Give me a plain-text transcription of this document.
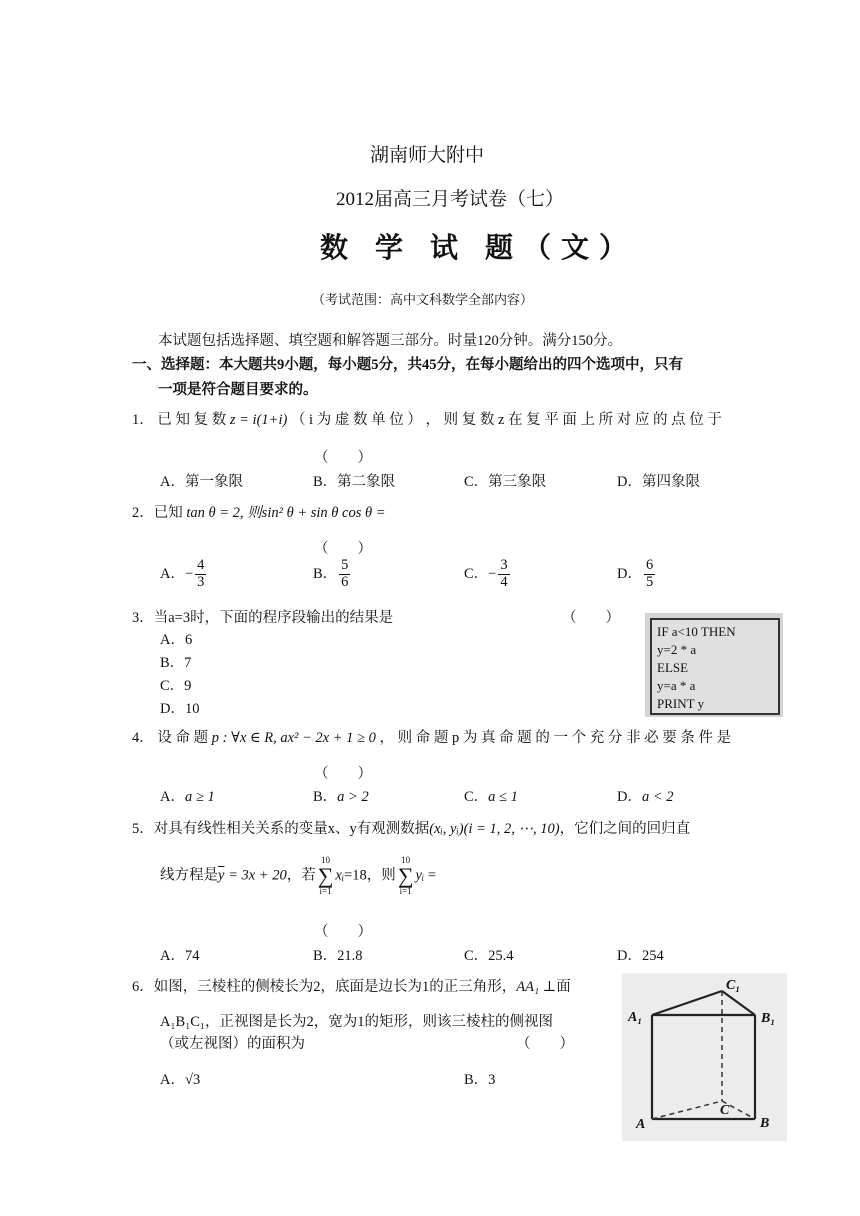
湖南师大附中
2012届高三月考试卷（七）
数 学 试 题（文）
（考试范围：高中文科数学全部内容）
本试题包括选择题、填空题和解答题三部分。时量120分钟。满分150分。
一、选择题：本大题共9小题，每小题5分，共45分，在每小题给出的四个选项中，只有
一项是符合题目要求的。
1． 已 知 复 数 z = i(1+i) （ i 为 虚 数 单 位 ） ， 则 复 数 z 在 复 平 面 上 所 对 应 的 点 位 于
（　　）
A．第一象限	B．第二象限	C．第三象限	D．第四象限
2．已知 tan θ = 2, 则sin² θ + sin θ cos θ =
（　　）
A．− $\frac{4}{3}$	B． $\frac{5}{6}$	C．− $\frac{3}{4}$	D． $\frac{6}{5}$
3．当a=3时，下面的程序段输出的结果是	（　　）
A．6
B．7
C．9
D．10
IF a<10 THEN
y=2 * a
ELSE
y=a * a
PRINT y
4． 设 命 题 p : ∀x ∈ R, ax² − 2x + 1 ≥ 0 ， 则 命 题 p 为 真 命 题 的 一 个 充 分 非 必 要 条 件 是
（　　）
A．a ≥ 1	B．a > 2	C．a ≤ 1	D．a < 2
5．对具有线性相关关系的变量x、y有观测数据(xᵢ, yᵢ)(i = 1, 2, ⋯, 10)，它们之间的回归直
线方程是$\overline{y} = 3x + 20$，若
10
∑
i=1
xᵢ=18，则
10
∑
i=1
yᵢ =
（　　）
A．74	B．21.8	C．25.4	D．254
6．如图，三棱柱的侧棱长为2，底面是边长为1的正三角形，AA₁ ⊥面
A₁B₁C₁，正视图是长为2，宽为1的矩形，则该三棱柱的侧视图
（或左视图）的面积为	（　　）
A．√3	B．3
C₁
A₁	B₁
C
A	B
